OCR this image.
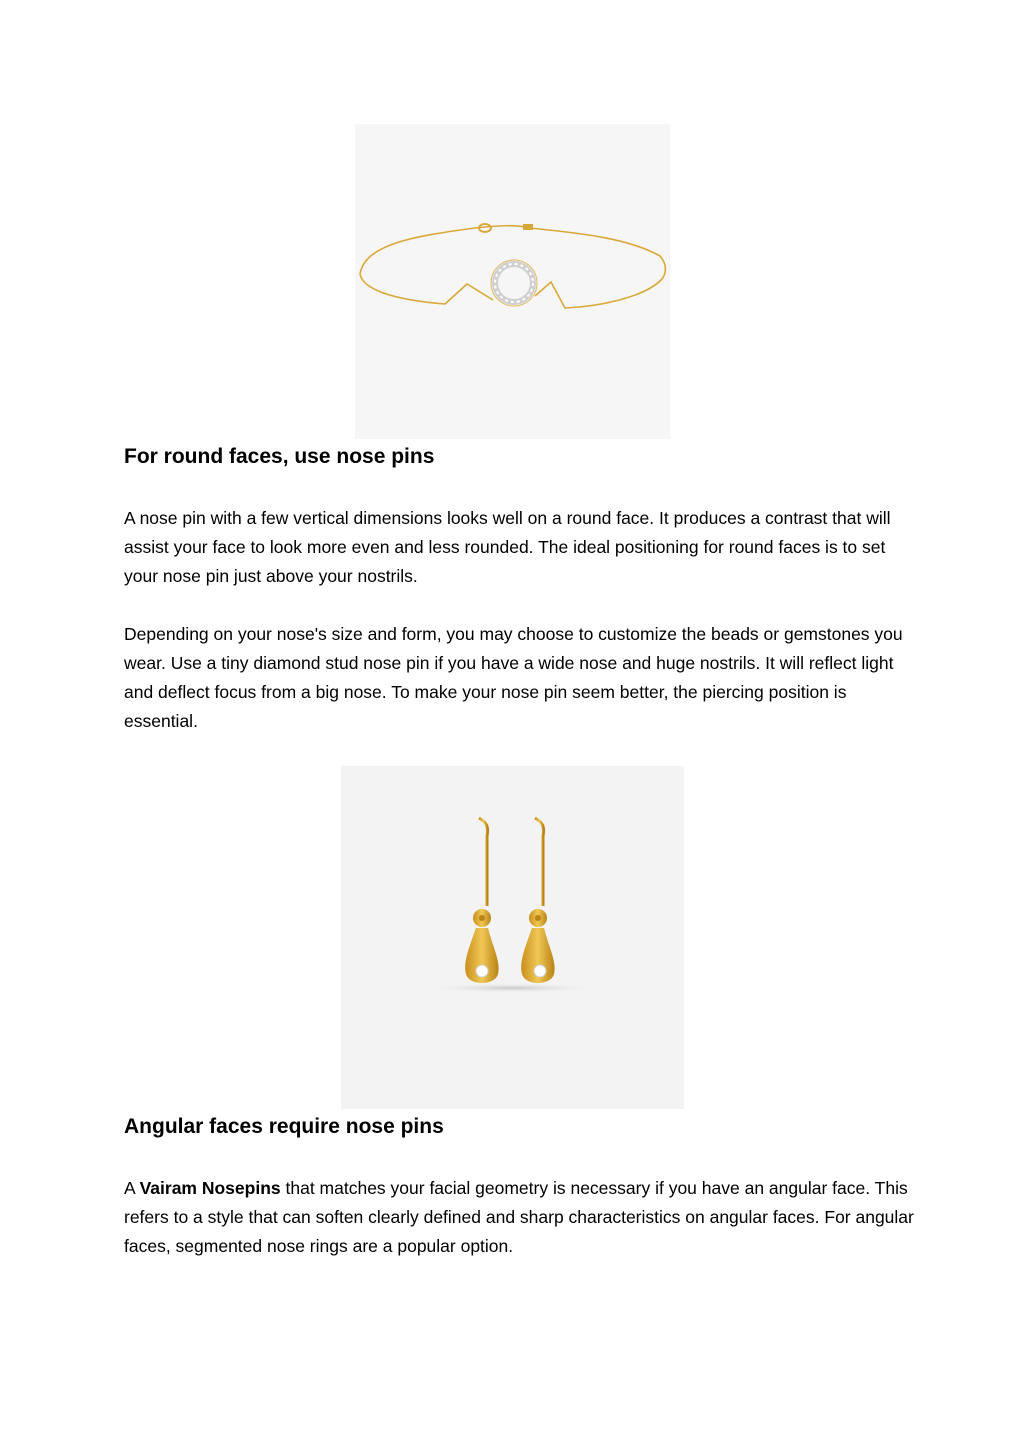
For round faces, use nose pins

A nose pin with a few vertical dimensions looks well on a round face. It produces a contrast that will assist your face to look more even and less rounded. The ideal positioning for round faces is to set your nose pin just above your nostrils.

Depending on your nose's size and form, you may choose to customize the beads or gemstones you wear. Use a tiny diamond stud nose pin if you have a wide nose and huge nostrils. It will reflect light and deflect focus from a big nose. To make your nose pin seem better, the piercing position is essential.

Angular faces require nose pins

A Vairam Nosepins that matches your facial geometry is necessary if you have an angular face. This refers to a style that can soften clearly defined and sharp characteristics on angular faces. For angular faces, segmented nose rings are a popular option.
